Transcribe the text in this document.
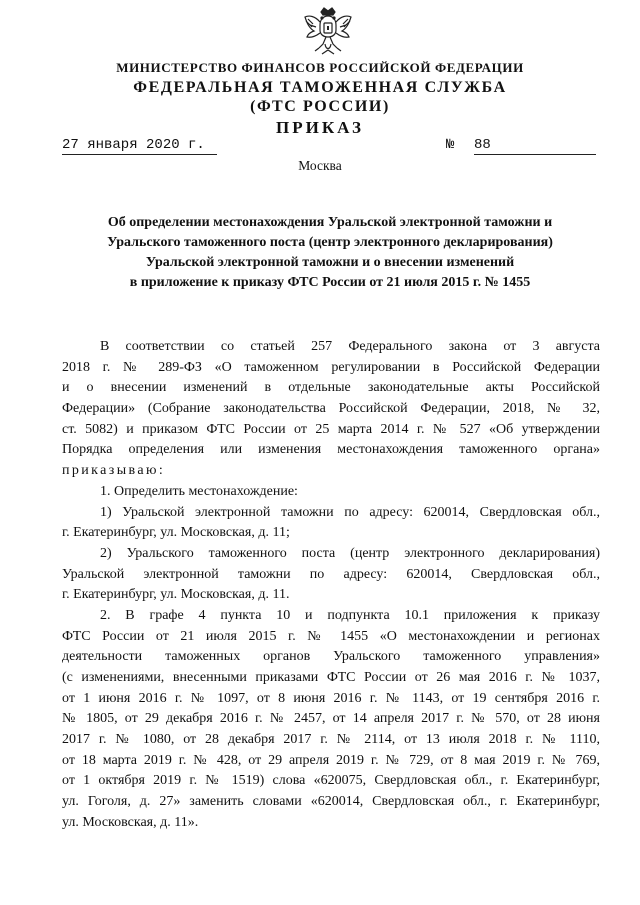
МИНИСТЕРСТВО ФИНАНСОВ РОССИЙСКОЙ ФЕДЕРАЦИИ
ФЕДЕРАЛЬНАЯ ТАМОЖЕННАЯ СЛУЖБА
(ФТС РОССИИ)
ПРИКАЗ
27 января 2020 г.	№ 88
Москва
Об определении местонахождения Уральской электронной таможни и
Уральского таможенного поста (центр электронного декларирования)
Уральской электронной таможни и о внесении изменений
в приложение к приказу ФТС России от 21 июля 2015 г. № 1455
В соответствии со статьей 257 Федерального закона от 3 августа
2018 г. № 289-ФЗ «О таможенном регулировании в Российской Федерации
и о внесении изменений в отдельные законодательные акты Российской
Федерации» (Собрание законодательства Российской Федерации, 2018, № 32,
ст. 5082) и приказом ФТС России от 25 марта 2014 г. № 527 «Об утверждении
Порядка определения или изменения местонахождения таможенного органа»
приказываю:
1. Определить местонахождение:
1) Уральской электронной таможни по адресу: 620014, Свердловская обл.,
г. Екатеринбург, ул. Московская, д. 11;
2) Уральского таможенного поста (центр электронного декларирования)
Уральской электронной таможни по адресу: 620014, Свердловская обл.,
г. Екатеринбург, ул. Московская, д. 11.
2. В графе 4 пункта 10 и подпункта 10.1 приложения к приказу
ФТС России от 21 июля 2015 г. № 1455 «О местонахождении и регионах
деятельности таможенных органов Уральского таможенного управления»
(с изменениями, внесенными приказами ФТС России от 26 мая 2016 г. № 1037,
от 1 июня 2016 г. № 1097, от 8 июня 2016 г. № 1143, от 19 сентября 2016 г.
№ 1805, от 29 декабря 2016 г. № 2457, от 14 апреля 2017 г. № 570, от 28 июня
2017 г. № 1080, от 28 декабря 2017 г. № 2114, от 13 июля 2018 г. № 1110,
от 18 марта 2019 г. № 428, от 29 апреля 2019 г. № 729, от 8 мая 2019 г. № 769,
от 1 октября 2019 г. № 1519) слова «620075, Свердловская обл., г. Екатеринбург,
ул. Гоголя, д. 27» заменить словами «620014, Свердловская обл., г. Екатеринбург,
ул. Московская, д. 11».
